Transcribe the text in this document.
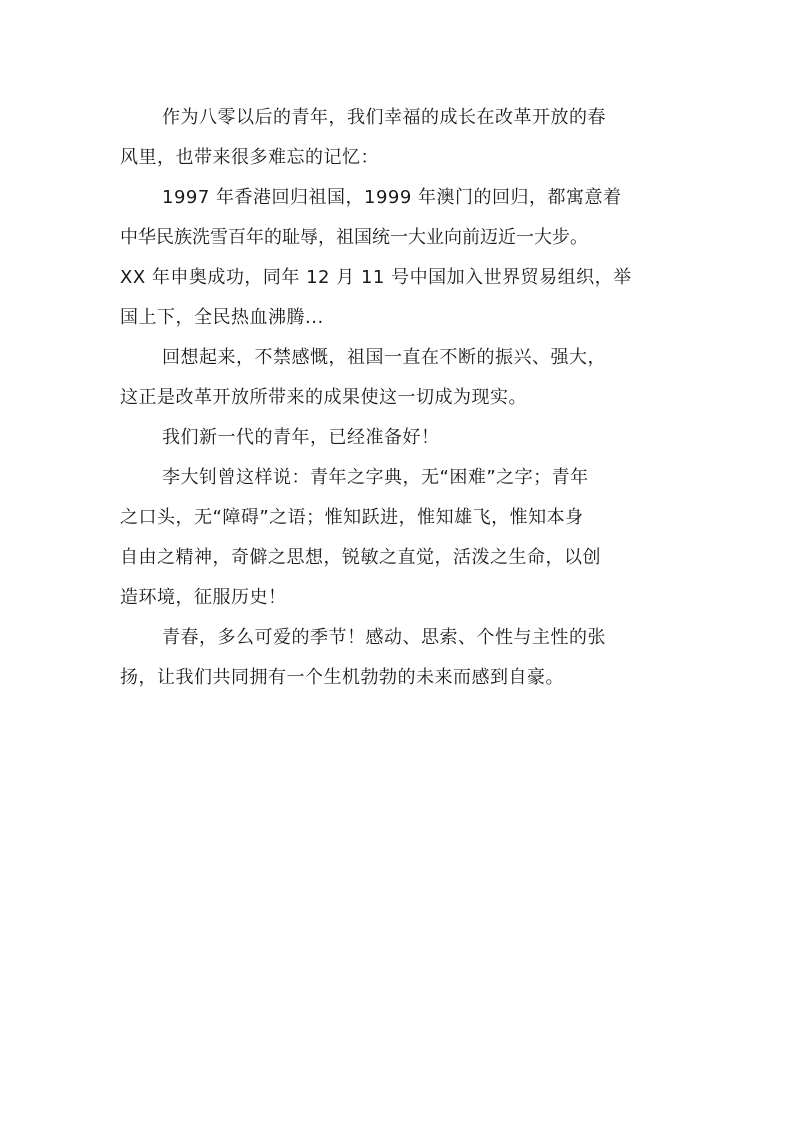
作为八零以后的青年，我们幸福的成长在改革开放的春
风里，也带来很多难忘的记忆：
1997 年香港回归祖国，1999 年澳门的回归，都寓意着
中华民族洗雪百年的耻辱，祖国统一大业向前迈近一大步。
XX 年申奥成功，同年 12 月 11 号中国加入世界贸易组织，举
国上下，全民热血沸腾...
回想起来，不禁感慨，祖国一直在不断的振兴、强大，
这正是改革开放所带来的成果使这一切成为现实。
我们新一代的青年，已经准备好！
李大钊曾这样说：青年之字典，无“困难”之字；青年
之口头，无“障碍”之语；惟知跃进，惟知雄飞，惟知本身
自由之精神，奇僻之思想，锐敏之直觉，活泼之生命，以创
造环境，征服历史！
青春，多么可爱的季节！感动、思索、个性与主性的张
扬，让我们共同拥有一个生机勃勃的未来而感到自豪。
